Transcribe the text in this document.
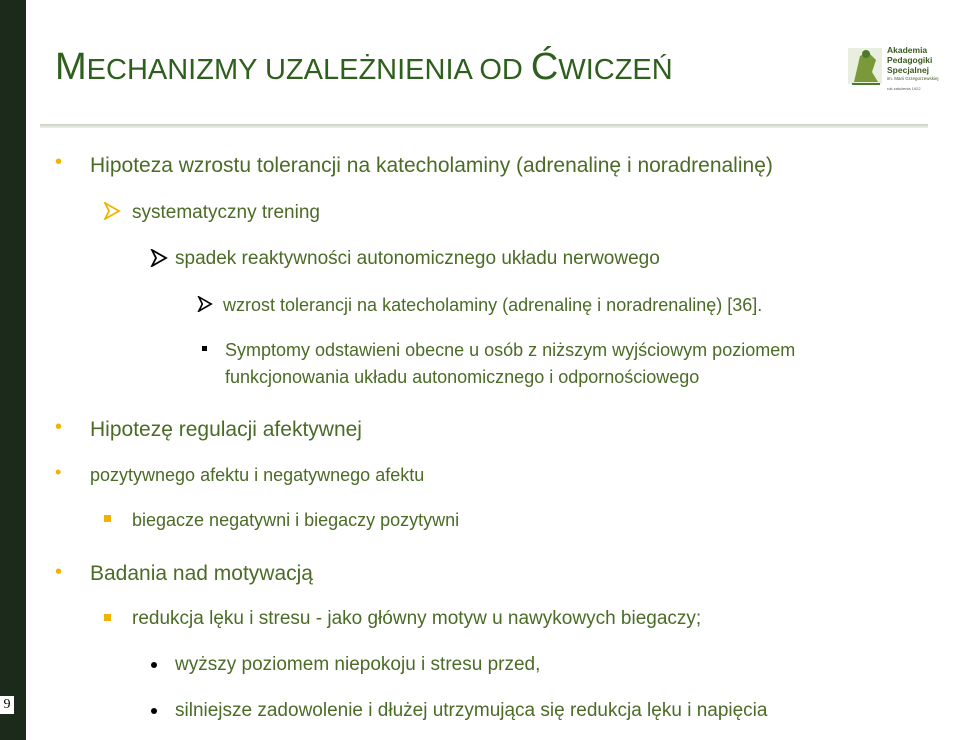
9
MECHANIZMY UZALEŻNIENIA OD ĆWICZEŃ
Akademia
Pedagogiki
Specjalnej
im. Marii Grzegorzewskiej
rok założenia 1922
• Hipoteza wzrostu tolerancji na katecholaminy (adrenalinę i noradrenalinę)
systematyczny trening
spadek reaktywności autonomicznego układu nerwowego
wzrost tolerancji na katecholaminy (adrenalinę i noradrenalinę) [36].
Symptomy odstawieni obecne u osób z niższym wyjściowym poziomem
funkcjonowania układu autonomicznego i odpornościowego
• Hipotezę regulacji afektywnej
• pozytywnego afektu i negatywnego afektu
biegacze negatywni i biegaczy pozytywni
• Badania nad motywacją
redukcja lęku i stresu - jako główny motyw u nawykowych biegaczy;
wyższy poziomem niepokoju i stresu przed,
silniejsze zadowolenie i dłużej utrzymująca się redukcja lęku i napięcia
